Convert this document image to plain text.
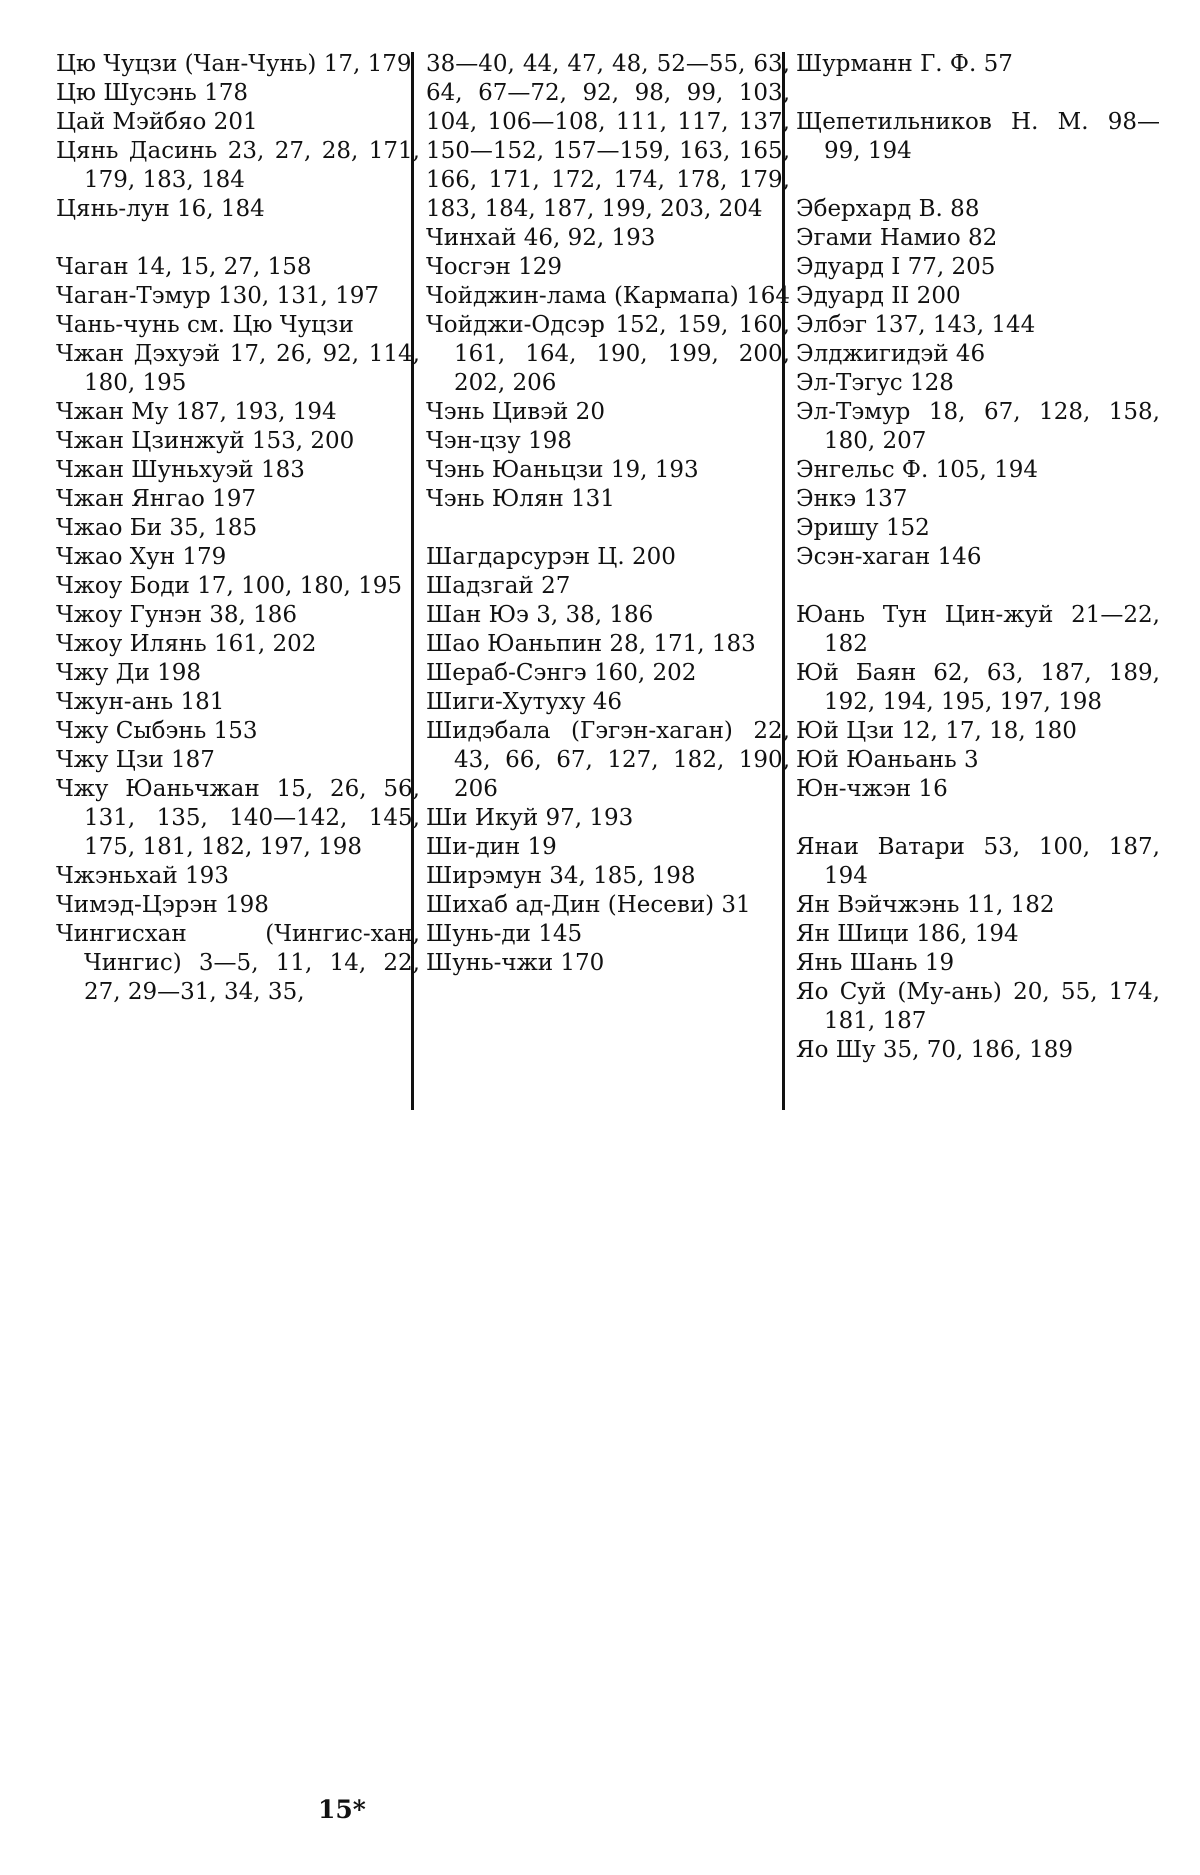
Цю Чуцзи (Чан-Чунь) 17, 179

Цю Шусэнь 178

Цай Мэйбяо 201

Цянь Дасинь 23, 27, 28, 171, 179, 183, 184

Цянь-лун 16, 184

Чаган 14, 15, 27, 158

Чаган-Тэмур 130, 131, 197

Чань-чунь см. Цю Чуцзи

Чжан Дэхуэй 17, 26, 92, 114, 180, 195

Чжан Му 187, 193, 194

Чжан Цзинжуй 153, 200

Чжан Шуньхуэй 183

Чжан Янгао 197

Чжао Би 35, 185

Чжао Хун 179

Чжоу Боди 17, 100, 180, 195

Чжоу Гунэн 38, 186

Чжоу Илянь 161, 202

Чжу Ди 198

Чжун-ань 181

Чжу Сыбэнь 153

Чжу Цзи 187

Чжу Юаньчжан 15, 26, 56, 131, 135, 140—142, 145, 175, 181, 182, 197, 198

Чжэньхай 193

Чимэд-Цэрэн 198

Чингисхан (Чингис-хан, Чингис) 3—5, 11, 14, 22, 27, 29—31, 34, 35,

38—40, 44, 47, 48, 52—55, 63, 64, 67—72, 92, 98, 99, 103, 104, 106—108, 111, 117, 137, 150—152, 157—159, 163, 165, 166, 171, 172, 174, 178, 179, 183, 184, 187, 199, 203, 204

Чинхай 46, 92, 193

Чосгэн 129

Чойджин-лама (Кармапа) 164

Чойджи-Одсэр 152, 159, 160, 161, 164, 190, 199, 200, 202, 206

Чэнь Цивэй 20

Чэн-цзу 198

Чэнь Юаньцзи 19, 193

Чэнь Юлян 131

Шагдарсурэн Ц. 200

Шадзгай 27

Шан Юэ 3, 38, 186

Шао Юаньпин 28, 171, 183

Шераб-Сэнгэ 160, 202

Шиги-Хутуху 46

Шидэбала (Гэгэн-хаган) 22, 43, 66, 67, 127, 182, 190, 206

Ши Икуй 97, 193

Ши-дин 19

Ширэмун 34, 185, 198

Шихаб ад-Дин (Несеви) 31

Шунь-ди 145

Шунь-чжи 170

Шурманн Г. Ф. 57

Щепетильников Н. М. 98—99, 194

Эберхард В. 88

Эгами Намио 82

Эдуард I 77, 205

Эдуард II 200

Элбэг 137, 143, 144

Элджигидэй 46

Эл-Тэгус 128

Эл-Тэмур 18, 67, 128, 158, 180, 207

Энгельс Ф. 105, 194

Энкэ 137

Эришу 152

Эсэн-хаган 146

Юань Тун Цин-жуй 21—22, 182

Юй Баян 62, 63, 187, 189, 192, 194, 195, 197, 198

Юй Цзи 12, 17, 18, 180

Юй Юаньань 3

Юн-чжэн 16

Янаи Ватари 53, 100, 187, 194

Ян Вэйчжэнь 11, 182

Ян Шици 186, 194

Янь Шань 19

Яо Суй (Му-ань) 20, 55, 174, 181, 187

Яо Шу 35, 70, 186, 189

15*
